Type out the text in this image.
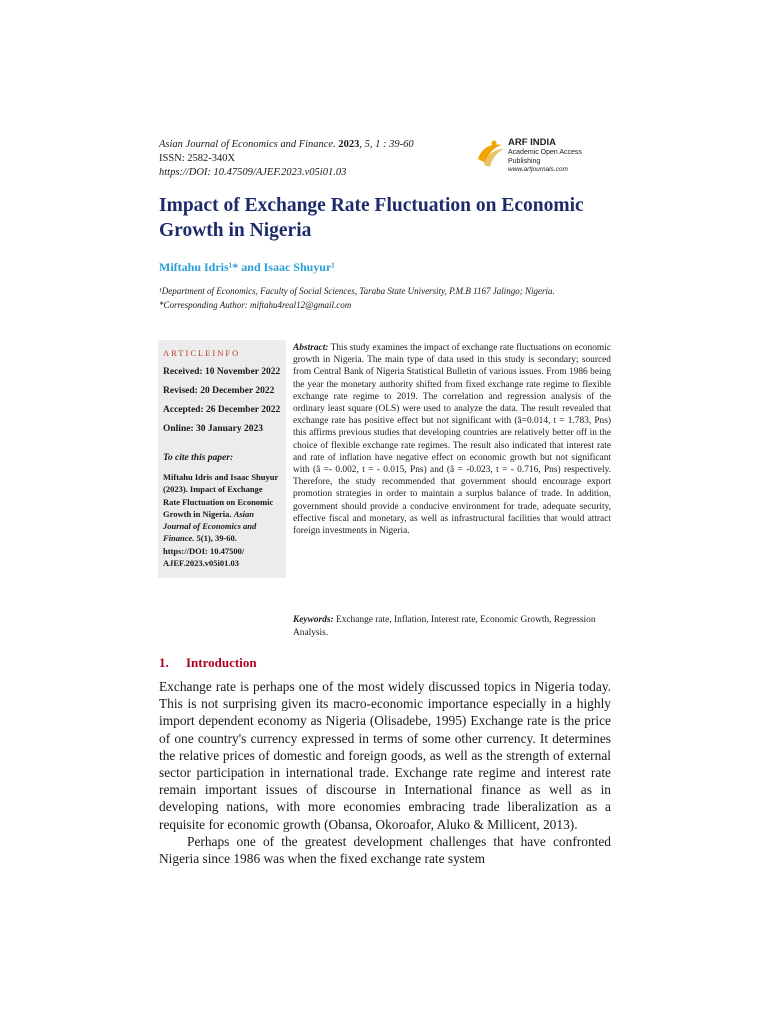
Asian Journal of Economics and Finance. 2023, 5, 1 : 39-60
ISSN: 2582-340X
https://DOI: 10.47509/AJEF.2023.v05i01.03
ARF INDIA
Academic Open Access Publishing
www.arfjournals.com
Impact of Exchange Rate Fluctuation on Economic Growth in Nigeria
Miftahu Idris¹* and Isaac Shuyur¹
¹Department of Economics, Faculty of Social Sciences, Taraba State University, P.M.B 1167 Jalingo; Nigeria.
*Corresponding Author: miftahu4real12@gmail.com
ARTICLEINFO
Received: 10 November 2022
Revised: 20 December 2022
Accepted: 26 December 2022
Online: 30 January 2023
To cite this paper:
Miftahu Idris and Isaac Shuyur (2023). Impact of Exchange Rate Fluctuation on Economic Growth in Nigeria. Asian Journal of Economics and Finance. 5(1), 39-60. https://DOI: 10.47500/ AJEF.2023.v05i01.03
Abstract: This study examines the impact of exchange rate fluctuations on economic growth in Nigeria. The main type of data used in this study is secondary; sourced from Central Bank of Nigeria Statistical Bulletin of various issues. From 1986 being the year the monetary authority shifted from fixed exchange rate regime to flexible exchange rate regime to 2019. The correlation and regression analysis of the ordinary least square (OLS) were used to analyze the data. The result revealed that exchange rate has positive effect but not significant with (â=0.014, t = 1.783, Pns) this affirms previous studies that developing countries are relatively better off in the choice of flexible exchange rate regimes. The result also indicated that interest rate and rate of inflation have negative effect on economic growth but not significant with (â =- 0.002, t = - 0.015, Pns) and (â = -0.023, t = - 0.716, Pns) respectively. Therefore, the study recommended that government should encourage export promotion strategies in order to maintain a surplus balance of trade. In addition, government should provide a conducive environment for trade, adequate security, effective fiscal and monetary, as well as infrastructural facilities that would attract foreign investments in Nigeria.
Keywords: Exchange rate, Inflation, Interest rate, Economic Growth, Regression Analysis.
1. Introduction

Exchange rate is perhaps one of the most widely discussed topics in Nigeria today. This is not surprising given its macro-economic importance especially in a highly import dependent economy as Nigeria (Olisadebe, 1995) Exchange rate is the price of one country's currency expressed in terms of some other currency. It determines the relative prices of domestic and foreign goods, as well as the strength of external sector participation in international trade. Exchange rate regime and interest rate remain important issues of discourse in International finance as well as in developing nations, with more economies embracing trade liberalization as a requisite for economic growth (Obansa, Okoroafor, Aluko & Millicent, 2013).

Perhaps one of the greatest development challenges that have confronted Nigeria since 1986 was when the fixed exchange rate system
